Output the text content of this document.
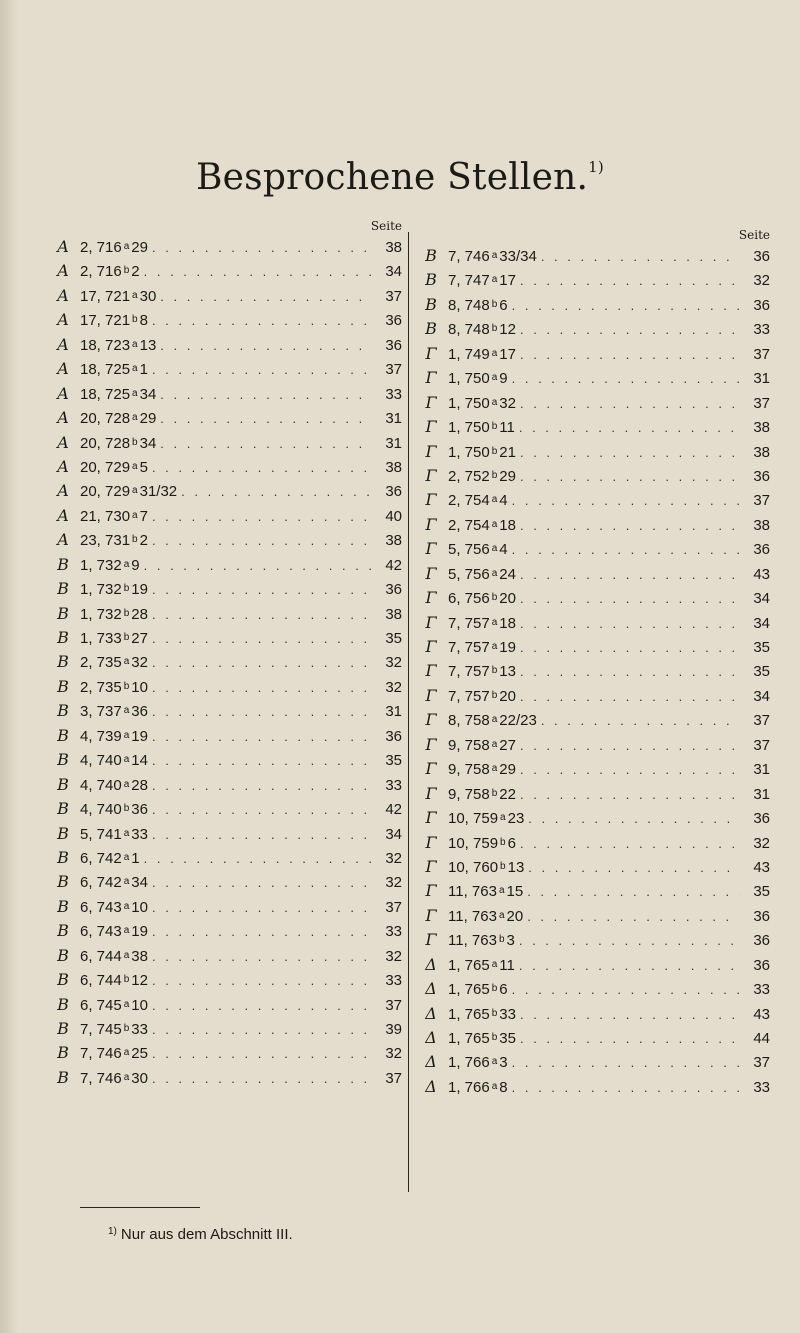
Besprochene Stellen.$^{1)}$
Seite
A 2, 716 $^a$ 29 . . .	38
A 2, 716 $^b$ 2 . . .	34
A 17, 721 $^a$ 30 . . .	37
A 17, 721 $^b$ 8 . . .	36
A 18, 723 $^a$ 13 . . .	36
A 18, 725 $^a$ 1 . . .	37
A 18, 725 $^a$ 34 . . .	33
A 20, 728 $^a$ 29 . . .	31
A 20, 728 $^b$ 34 . . .	31
A 20, 729 $^a$ 5 . . .	38
A 20, 729 $^a$ 31/32 . . .	36
A 21, 730 $^a$ 7 . . .	40
A 23, 731 $^b$ 2 . . .	38
B 1, 732 $^a$ 9 . . .	42
B 1, 732 $^b$ 19 . . .	36
B 1, 732 $^b$ 28 . . .	38
B 1, 733 $^b$ 27 . . .	35
B 2, 735 $^a$ 32 . . .	32
B 2, 735 $^b$ 10 . . .	32
B 3, 737 $^a$ 36 . . .	31
B 4, 739 $^a$ 19 . . .	36
B 4, 740 $^a$ 14 . . .	35
B 4, 740 $^a$ 28 . . .	33
B 4, 740 $^b$ 36 . . .	42
B 5, 741 $^a$ 33 . . .	34
B 6, 742 $^a$ 1 . . .	32
B 6, 742 $^a$ 34 . . .	32
B 6, 743 $^a$ 10 . . .	37
B 6, 743 $^a$ 19 . . .	33
B 6, 744 $^a$ 38 . . .	32
B 6, 744 $^b$ 12 . . .	33
B 6, 745 $^a$ 10 . . .	37
B 7, 745 $^b$ 33 . . .	39
B 7, 746 $^a$ 25 . . .	32
B 7, 746 $^a$ 30 . . .	37
Seite
B 7, 746 $^a$ 33/34 . . .	36
B 7, 747 $^a$ 17 . . .	32
B 8, 748 $^b$ 6 . . .	36
B 8, 748 $^b$ 12 . . .	33
Γ 1, 749 $^a$ 17 . . .	37
Γ 1, 750 $^a$ 9 . . .	31
Γ 1, 750 $^a$ 32 . . .	37
Γ 1, 750 $^b$ 11 . . .	38
Γ 1, 750 $^b$ 21 . . .	38
Γ 2, 752 $^b$ 29 . . .	36
Γ 2, 754 $^a$ 4 . . .	37
Γ 2, 754 $^a$ 18 . . .	38
Γ 5, 756 $^a$ 4 . . .	36
Γ 5, 756 $^a$ 24 . . .	43
Γ 6, 756 $^b$ 20 . . .	34
Γ 7, 757 $^a$ 18 . . .	34
Γ 7, 757 $^a$ 19 . . .	35
Γ 7, 757 $^b$ 13 . . .	35
Γ 7, 757 $^b$ 20 . . .	34
Γ 8, 758 $^a$ 22/23 . . .	37
Γ 9, 758 $^a$ 27 . . .	37
Γ 9, 758 $^a$ 29 . . .	31
Γ 9, 758 $^b$ 22 . . .	31
Γ 10, 759 $^a$ 23 . . .	36
Γ 10, 759 $^b$ 6 . . .	32
Γ 10, 760 $^b$ 13 . . .	43
Γ 11, 763 $^a$ 15 . . .	35
Γ 11, 763 $^a$ 20 . . .	36
Γ 11, 763 $^b$ 3 . . .	36
Δ 1, 765 $^a$ 11 . . .	36
Δ 1, 765 $^b$ 6 . . .	33
Δ 1, 765 $^b$ 33 . . .	43
Δ 1, 765 $^b$ 35 . . .	44
Δ 1, 766 $^a$ 3 . . .	37
Δ 1, 766 $^a$ 8 . . .	33
$^{1)}$ Nur aus dem Abschnitt III.
